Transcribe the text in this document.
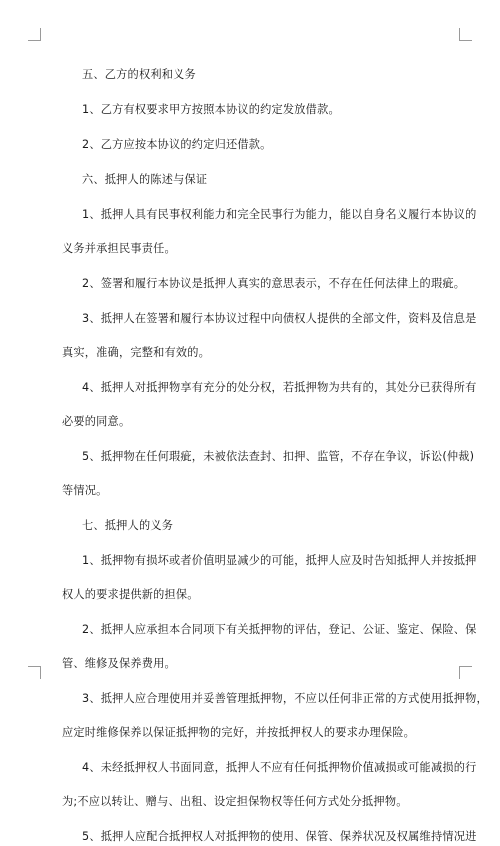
五、乙方的权利和义务
1、乙方有权要求甲方按照本协议的约定发放借款。
2、乙方应按本协议的约定归还借款。
六、抵押人的陈述与保证
1、抵押人具有民事权利能力和完全民事行为能力，能以自身名义履行本协议的
义务并承担民事责任。
2、签署和履行本协议是抵押人真实的意思表示，不存在任何法律上的瑕疵。
3、抵押人在签署和履行本协议过程中向债权人提供的全部文件，资料及信息是
真实，准确，完整和有效的。
4、抵押人对抵押物享有充分的处分权，若抵押物为共有的，其处分已获得所有
必要的同意。
5、抵押物在任何瑕疵，未被依法查封、扣押、监管，不存在争议，诉讼(仲裁)
等情况。
七、抵押人的义务
1、抵押物有损坏或者价值明显减少的可能，抵押人应及时告知抵押人并按抵押
权人的要求提供新的担保。
2、抵押人应承担本合同项下有关抵押物的评估，登记、公证、鉴定、保险、保
管、维修及保养费用。
3、抵押人应合理使用并妥善管理抵押物，不应以任何非正常的方式使用抵押物，
应定时维修保养以保证抵押物的完好，并按抵押权人的要求办理保险。
4、未经抵押权人书面同意，抵押人不应有任何抵押物价值减损或可能减损的行
为;不应以转让、赠与、出租、设定担保物权等任何方式处分抵押物。
5、抵押人应配合抵押权人对抵押物的使用、保管、保养状况及权属维持情况进
